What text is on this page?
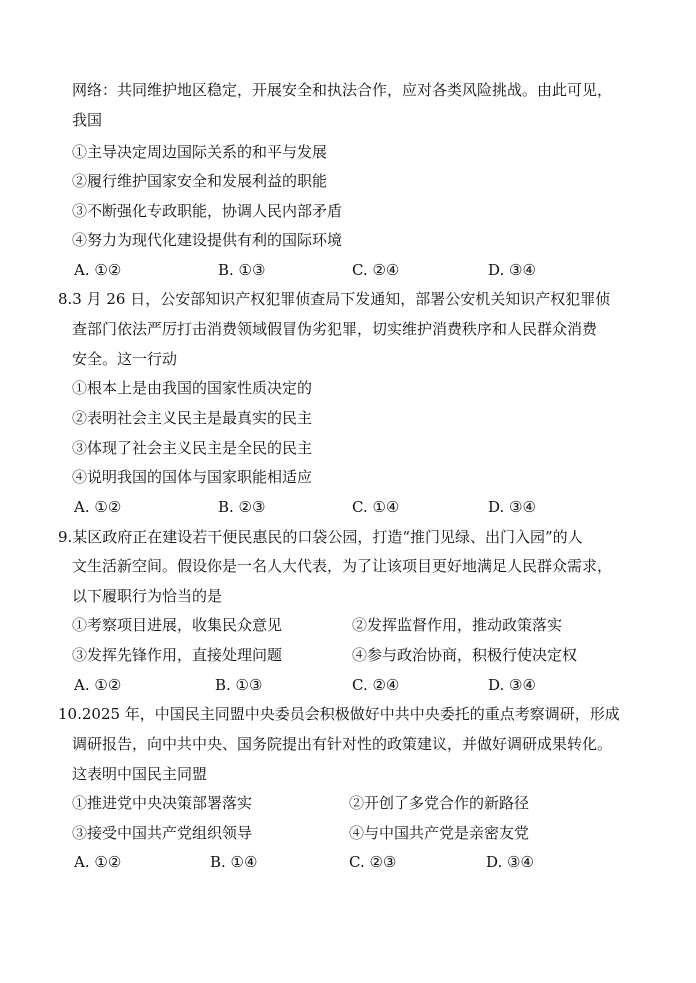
网络：共同维护地区稳定，开展安全和执法合作，应对各类风险挑战。由此可见，
我国
①主导决定周边国际关系的和平与发展
②履行维护国家安全和发展利益的职能
③不断强化专政职能，协调人民内部矛盾
④努力为现代化建设提供有利的国际环境
A. ①②	B. ①③	C. ②④	D. ③④
8.3 月 26 日，公安部知识产权犯罪侦查局下发通知，部署公安机关知识产权犯罪侦
查部门依法严厉打击消费领域假冒伪劣犯罪，切实维护消费秩序和人民群众消费
安全。这一行动
①根本上是由我国的国家性质决定的
②表明社会主义民主是最真实的民主
③体现了社会主义民主是全民的民主
④说明我国的国体与国家职能相适应
A. ①②	B. ②③	C. ①④	D. ③④
9.某区政府正在建设若干便民惠民的口袋公园，打造“推门见绿、出门入园”的人
文生活新空间。假设你是一名人大代表，为了让该项目更好地满足人民群众需求，
以下履职行为恰当的是
①考察项目进展，收集民众意见	②发挥监督作用，推动政策落实
③发挥先锋作用，直接处理问题	④参与政治协商，积极行使决定权
A. ①②	B. ①③	C. ②④	D. ③④
10.2025 年，中国民主同盟中央委员会积极做好中共中央委托的重点考察调研，形成
调研报告，向中共中央、国务院提出有针对性的政策建议，并做好调研成果转化。
这表明中国民主同盟
①推进党中央决策部署落实	②开创了多党合作的新路径
③接受中国共产党组织领导	④与中国共产党是亲密友党
A. ①②	B. ①④	C. ②③	D. ③④
